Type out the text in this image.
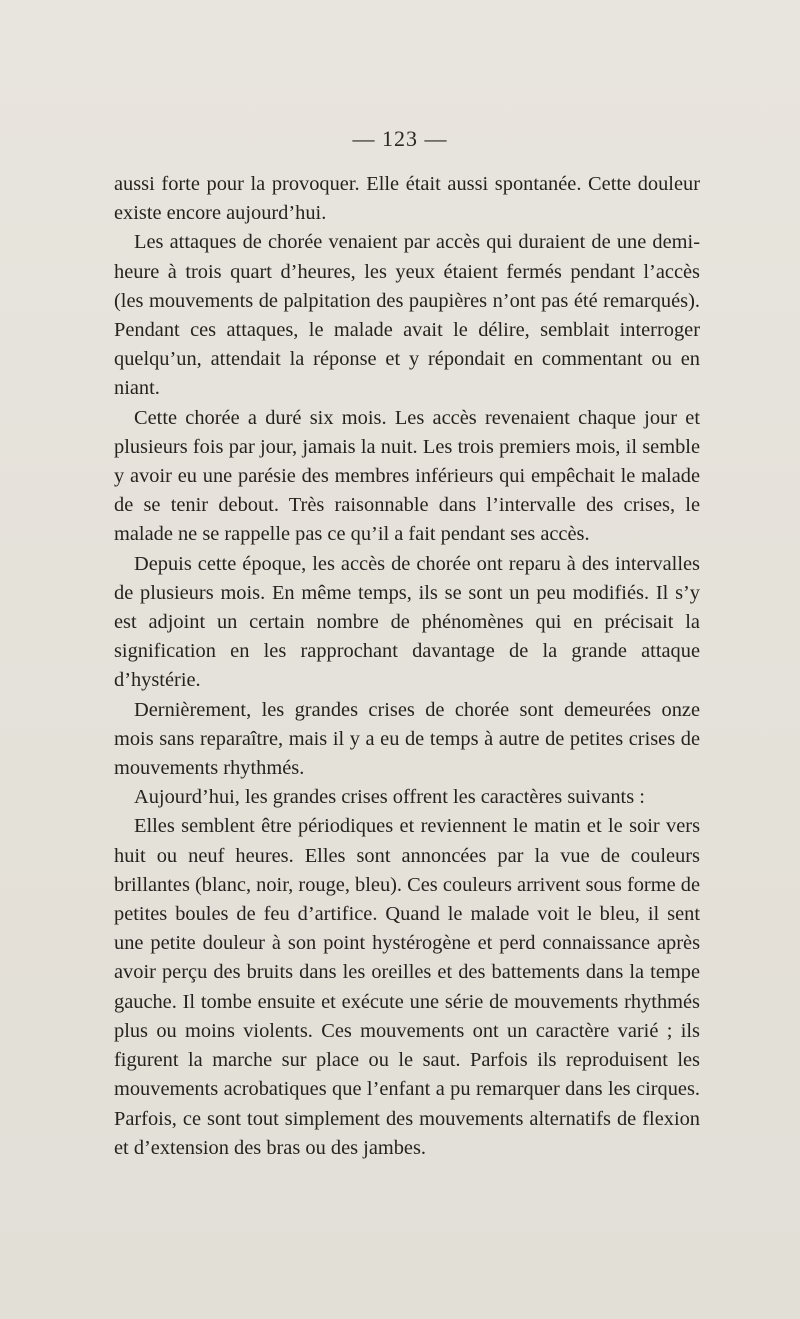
— 123 —

aussi forte pour la provoquer. Elle était aussi spontanée. Cette douleur existe encore aujourd’hui.

Les attaques de chorée venaient par accès qui duraient de une demi-heure à trois quart d’heures, les yeux étaient fermés pendant l’accès (les mouvements de palpitation des paupières n’ont pas été remarqués). Pendant ces attaques, le malade avait le délire, semblait interroger quelqu’un, attendait la réponse et y répondait en commentant ou en niant.

Cette chorée a duré six mois. Les accès revenaient chaque jour et plusieurs fois par jour, jamais la nuit. Les trois premiers mois, il semble y avoir eu une parésie des membres inférieurs qui empêchait le malade de se tenir debout. Très raisonnable dans l’intervalle des crises, le malade ne se rappelle pas ce qu’il a fait pendant ses accès.

Depuis cette époque, les accès de chorée ont reparu à des intervalles de plusieurs mois. En même temps, ils se sont un peu modifiés. Il s’y est adjoint un certain nombre de phénomènes qui en précisait la signification en les rapprochant davantage de la grande attaque d’hystérie.

Dernièrement, les grandes crises de chorée sont demeurées onze mois sans reparaître, mais il y a eu de temps à autre de petites crises de mouvements rhythmés.

Aujourd’hui, les grandes crises offrent les caractères suivants :

Elles semblent être périodiques et reviennent le matin et le soir vers huit ou neuf heures. Elles sont annoncées par la vue de couleurs brillantes (blanc, noir, rouge, bleu). Ces couleurs arrivent sous forme de petites boules de feu d’artifice. Quand le malade voit le bleu, il sent une petite douleur à son point hystérogène et perd connaissance après avoir perçu des bruits dans les oreilles et des battements dans la tempe gauche. Il tombe ensuite et exécute une série de mouvements rhythmés plus ou moins violents. Ces mouvements ont un caractère varié ; ils figurent la marche sur place ou le saut. Parfois ils reproduisent les mouvements acrobatiques que l’enfant a pu remarquer dans les cirques. Parfois, ce sont tout simplement des mouvements alternatifs de flexion et d’extension des bras ou des jambes.
